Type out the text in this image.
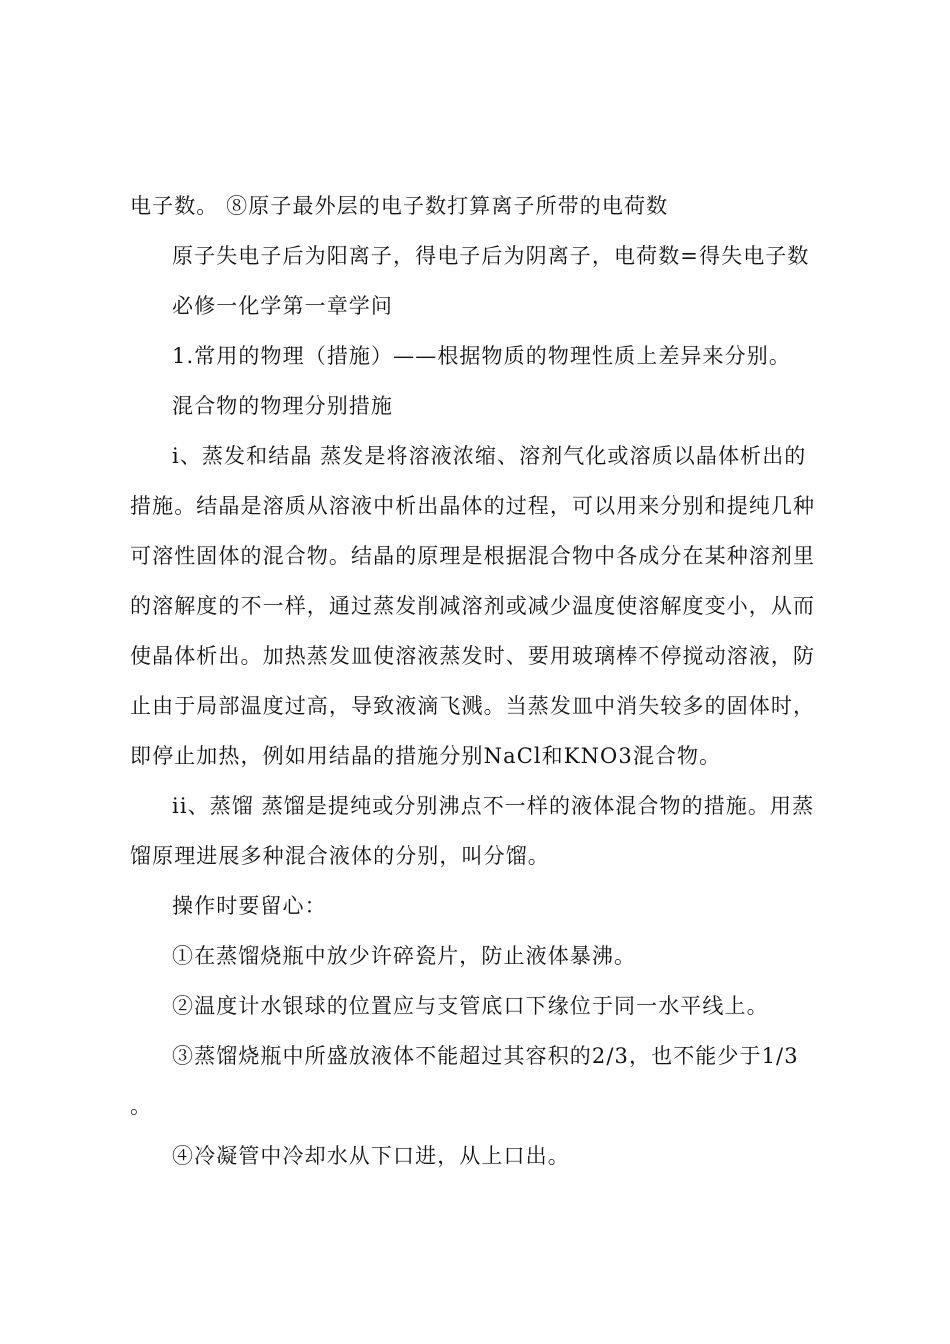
电子数。 ⑧原子最外层的电子数打算离子所带的电荷数
原子失电子后为阳离子，得电子后为阴离子，电荷数=得失电子数
必修一化学第一章学问
1.常用的物理（措施）——根据物质的物理性质上差异来分别。
混合物的物理分别措施
i、蒸发和结晶 蒸发是将溶液浓缩、溶剂气化或溶质以晶体析出的
措施。结晶是溶质从溶液中析出晶体的过程，可以用来分别和提纯几种
可溶性固体的混合物。结晶的原理是根据混合物中各成分在某种溶剂里
的溶解度的不一样，通过蒸发削减溶剂或减少温度使溶解度变小，从而
使晶体析出。加热蒸发皿使溶液蒸发时、要用玻璃棒不停搅动溶液，防
止由于局部温度过高，导致液滴飞溅。当蒸发皿中消失较多的固体时，
即停止加热，例如用结晶的措施分别NaCl和KNO3混合物。
ii、蒸馏 蒸馏是提纯或分别沸点不一样的液体混合物的措施。用蒸
馏原理进展多种混合液体的分别，叫分馏。
操作时要留心：
①在蒸馏烧瓶中放少许碎瓷片，防止液体暴沸。
②温度计水银球的位置应与支管底口下缘位于同一水平线上。
③蒸馏烧瓶中所盛放液体不能超过其容积的2/3，也不能少于1/3
。
④冷凝管中冷却水从下口进，从上口出。
